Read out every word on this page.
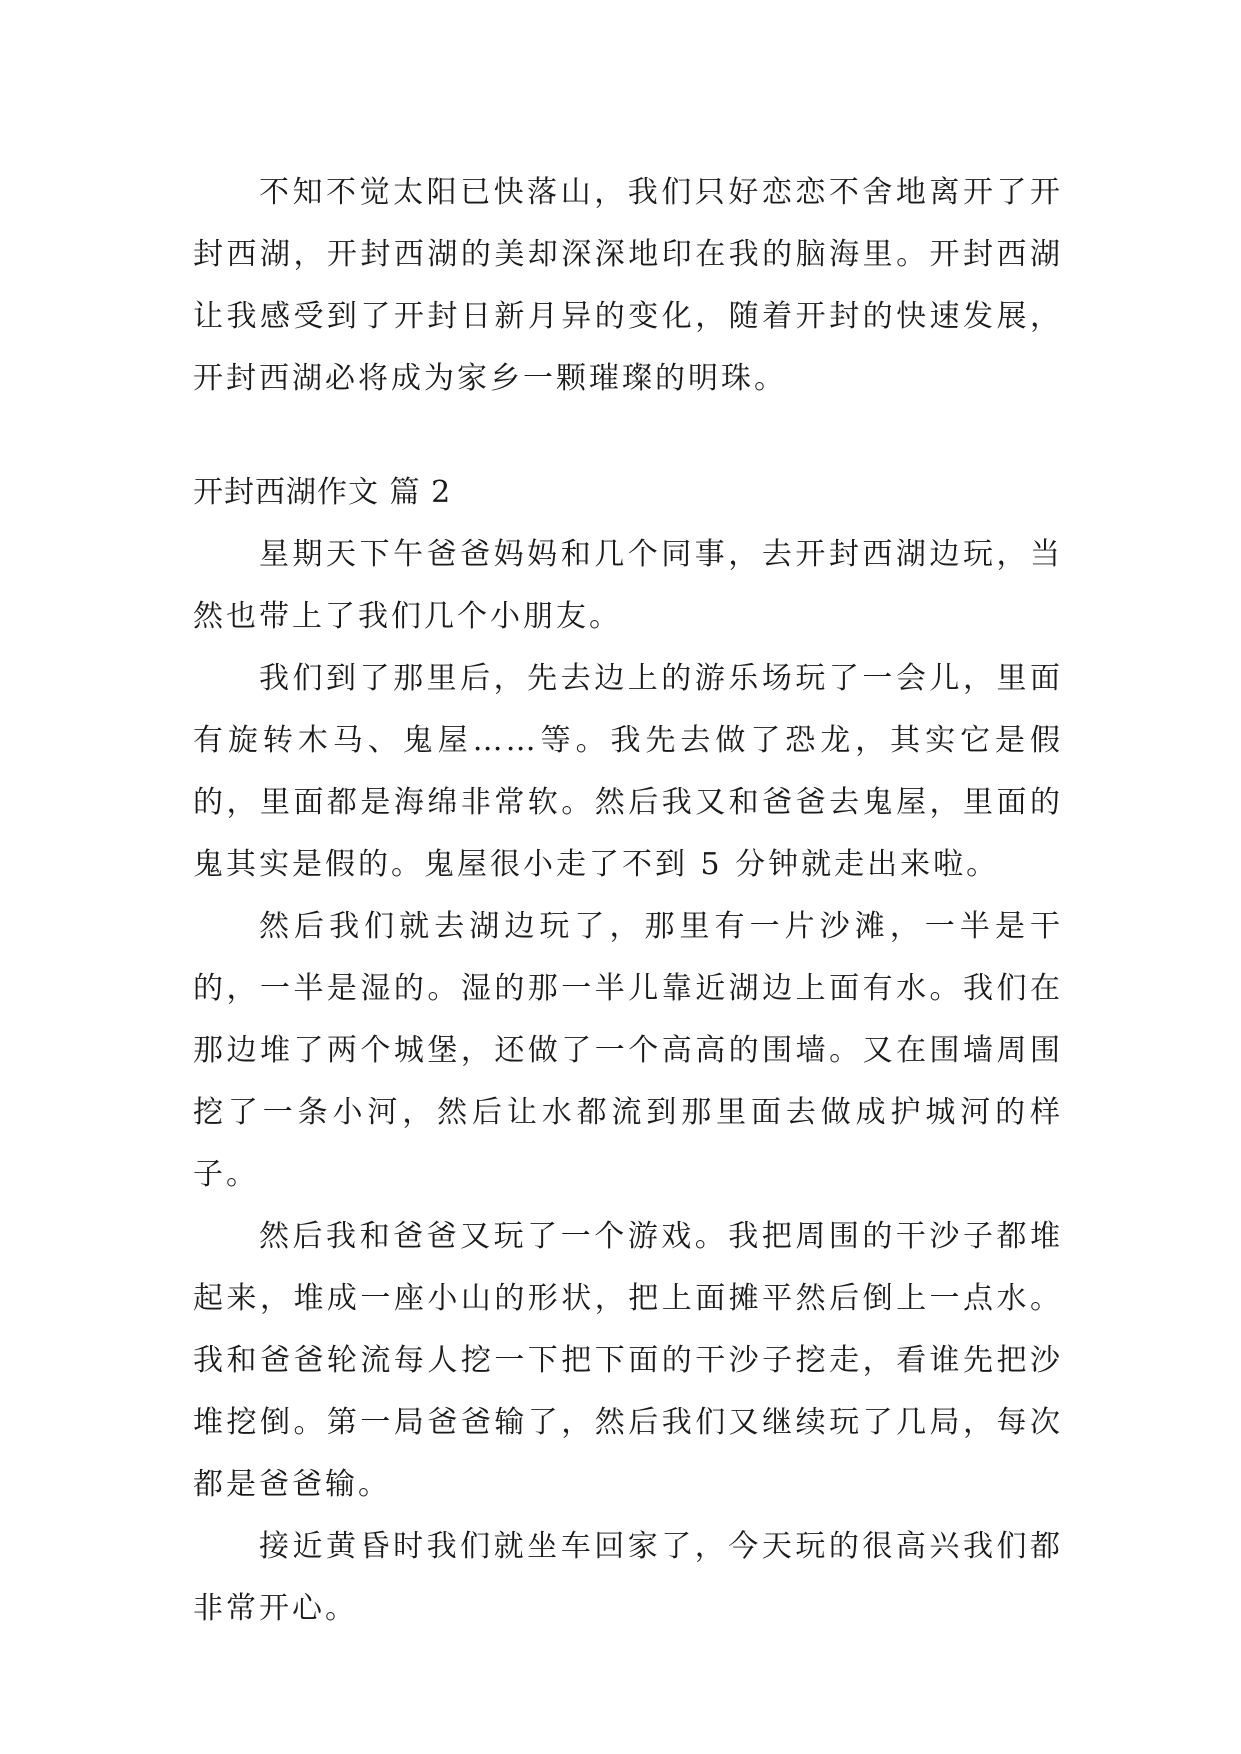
不知不觉太阳已快落山，我们只好恋恋不舍地离开了开封西湖，开封西湖的美却深深地印在我的脑海里。开封西湖让我感受到了开封日新月异的变化，随着开封的快速发展，开封西湖必将成为家乡一颗璀璨的明珠。

开封西湖作文 篇 2

星期天下午爸爸妈妈和几个同事，去开封西湖边玩，当然也带上了我们几个小朋友。

我们到了那里后，先去边上的游乐场玩了一会儿，里面有旋转木马、鬼屋……等。我先去做了恐龙，其实它是假的，里面都是海绵非常软。然后我又和爸爸去鬼屋，里面的鬼其实是假的。鬼屋很小走了不到 5 分钟就走出来啦。

然后我们就去湖边玩了，那里有一片沙滩，一半是干的，一半是湿的。湿的那一半儿靠近湖边上面有水。我们在那边堆了两个城堡，还做了一个高高的围墙。又在围墙周围挖了一条小河，然后让水都流到那里面去做成护城河的样子。

然后我和爸爸又玩了一个游戏。我把周围的干沙子都堆起来，堆成一座小山的形状，把上面摊平然后倒上一点水。我和爸爸轮流每人挖一下把下面的干沙子挖走，看谁先把沙堆挖倒。第一局爸爸输了，然后我们又继续玩了几局，每次都是爸爸输。

接近黄昏时我们就坐车回家了，今天玩的很高兴我们都非常开心。
